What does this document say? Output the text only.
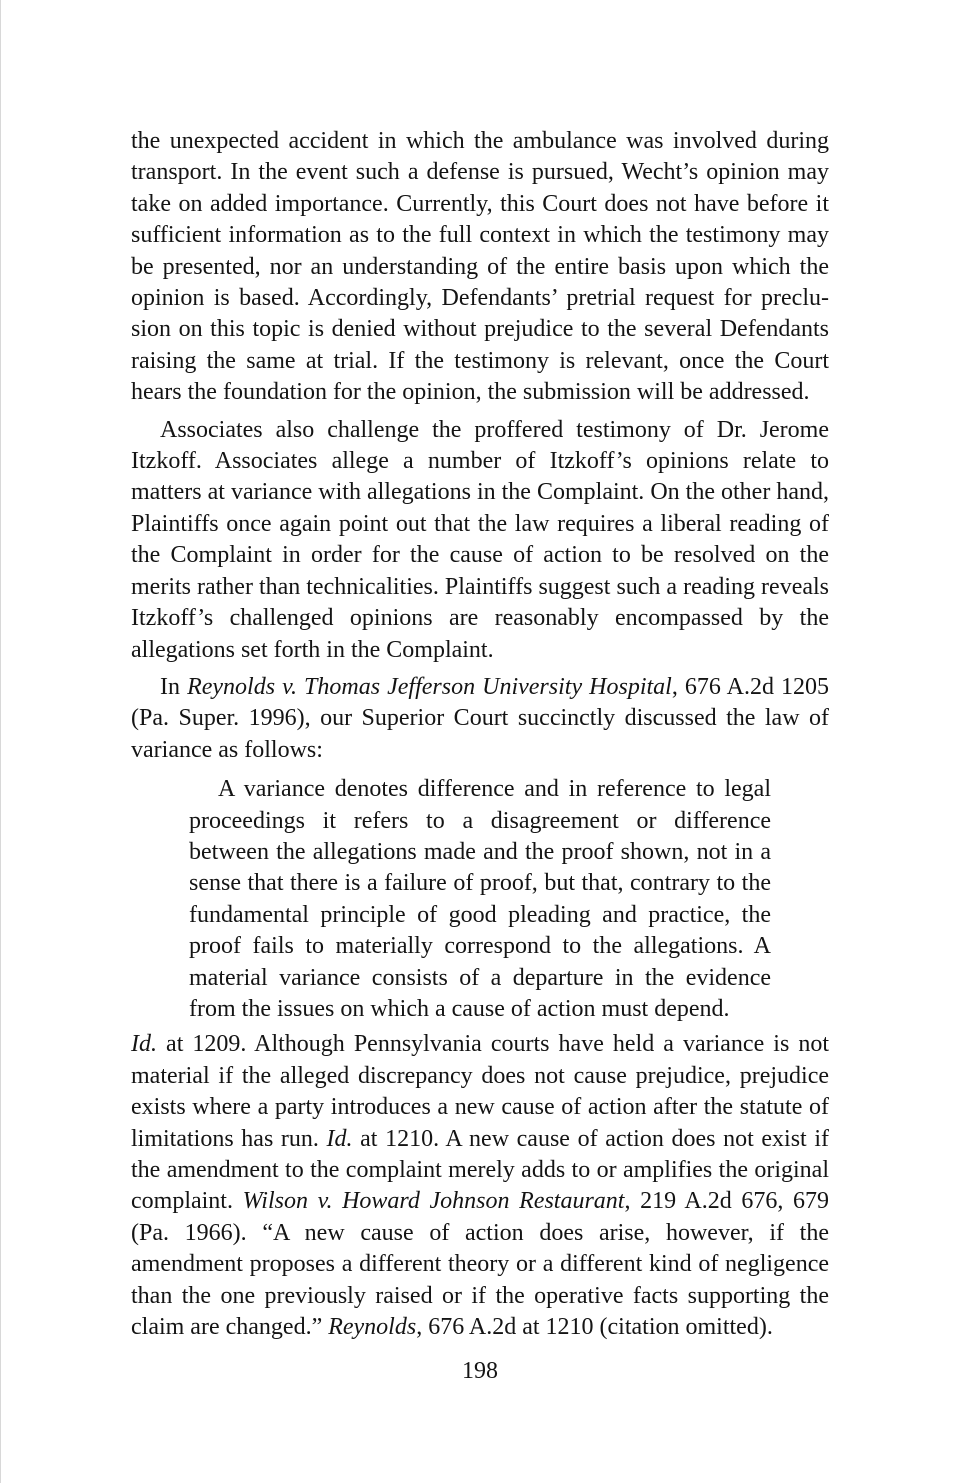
the unexpected accident in which the ambulance was involved during transport. In the event such a defense is pursued, Wecht’s opinion may take on added importance. Currently, this Court does not have before it sufficient information as to the full context in which the testimony may be presented, nor an understanding of the entire basis upon which the opinion is based. Accordingly, Defendants’ pretrial request for preclusion on this topic is denied without prejudice to the several Defendants raising the same at trial. If the testimony is relevant, once the Court hears the foundation for the opinion, the submission will be addressed.

Associates also challenge the proffered testimony of Dr. Jerome Itzkoff. Associates allege a number of Itzkoff’s opinions relate to matters at variance with allegations in the Complaint. On the other hand, Plaintiffs once again point out that the law requires a liberal reading of the Complaint in order for the cause of action to be resolved on the merits rather than technicalities. Plaintiffs suggest such a reading reveals Itzkoff’s challenged opinions are reasonably encompassed by the allegations set forth in the Complaint.

In Reynolds v. Thomas Jefferson University Hospital, 676 A.2d 1205 (Pa. Super. 1996), our Superior Court succinctly discussed the law of variance as follows:

A variance denotes difference and in reference to legal proceedings it refers to a disagreement or difference between the allegations made and the proof shown, not in a sense that there is a failure of proof, but that, contrary to the fundamental principle of good pleading and practice, the proof fails to materially correspond to the allegations. A material variance consists of a departure in the evidence from the issues on which a cause of action must depend.

Id. at 1209. Although Pennsylvania courts have held a variance is not material if the alleged discrepancy does not cause prejudice, prejudice exists where a party introduces a new cause of action after the statute of limitations has run. Id. at 1210. A new cause of action does not exist if the amendment to the complaint merely adds to or amplifies the original complaint. Wilson v. Howard Johnson Restaurant, 219 A.2d 676, 679 (Pa. 1966). “A new cause of action does arise, however, if the amendment proposes a different theory or a different kind of negligence than the one previously raised or if the operative facts supporting the claim are changed.” Reynolds, 676 A.2d at 1210 (citation omitted).

198
